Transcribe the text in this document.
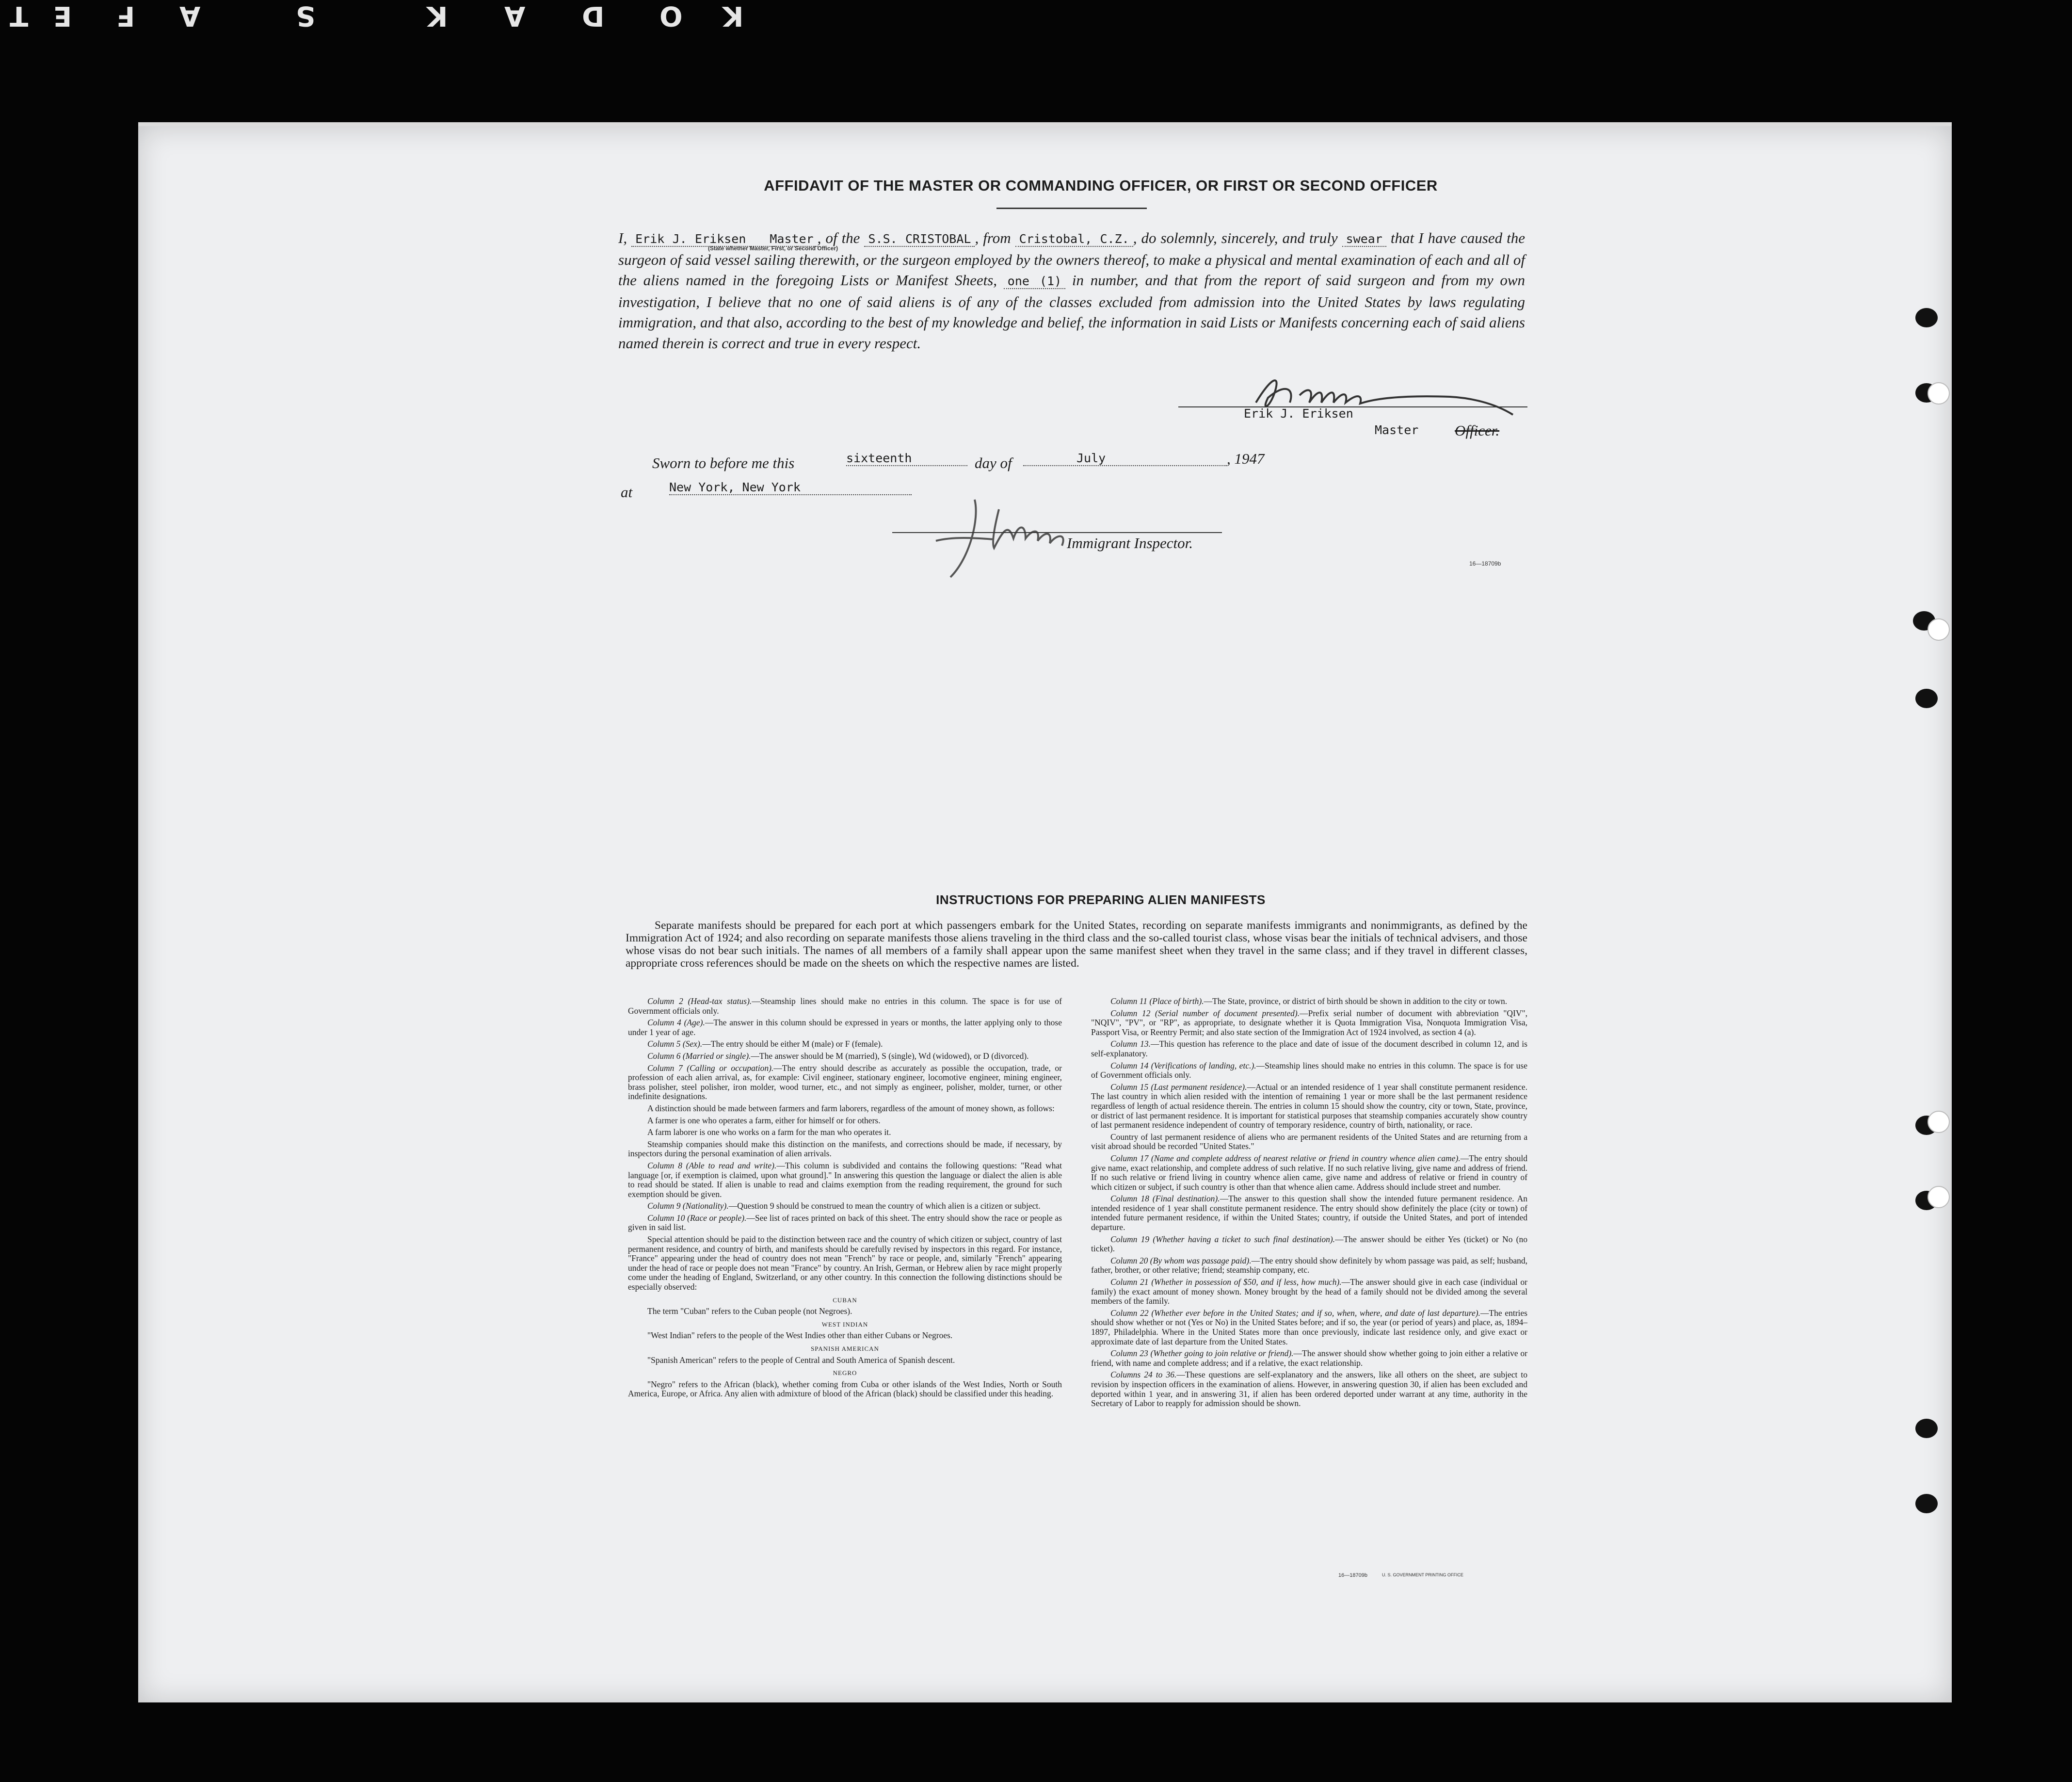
T E F A	S	K A D O K
AFFIDAVIT OF THE MASTER OR COMMANDING OFFICER, OR FIRST OR SECOND OFFICER
I, Erik J. Eriksen Master , of the S.S. CRISTOBAL , from Cristobal, C.Z. , do solemnly, sincerely, and truly swear that I have caused the surgeon of said vessel sailing therewith, or the surgeon employed by the owners thereof, to make a physical and mental examination of each and all of the aliens named in the foregoing Lists or Manifest Sheets, one (1) in number, and that from the report of said surgeon and from my own investigation, I believe that no one of said aliens is of any of the classes excluded from admission into the United States by laws regulating immigration, and that also, according to the best of my knowledge and belief, the information in said Lists or Manifests concerning each of said aliens named therein is correct and true in every respect.
(State whether Master, First, or Second Officer)
Erik J. Eriksen
Master Officer.
Sworn to before me this	sixteenth	day of	July	, 1947
at	New York, New York
Immigrant Inspector.
16—18709b
INSTRUCTIONS FOR PREPARING ALIEN MANIFESTS

Separate manifests should be prepared for each port at which passengers embark for the United States, recording on separate manifests immigrants and nonimmigrants, as defined by the Immigration Act of 1924; and also recording on separate manifests those aliens traveling in the third class and the so-called tourist class, whose visas bear the initials of technical advisers, and those whose visas do not bear such initials. The names of all members of a family shall appear upon the same manifest sheet when they travel in the same class; and if they travel in different classes, appropriate cross references should be made on the sheets on which the respective names are listed.

Column 2 (Head-tax status).—Steamship lines should make no entries in this column. The space is for use of Government officials only.

Column 4 (Age).—The answer in this column should be expressed in years or months, the latter applying only to those under 1 year of age.

Column 5 (Sex).—The entry should be either M (male) or F (female).

Column 6 (Married or single).—The answer should be M (married), S (single), Wd (widowed), or D (divorced).

Column 7 (Calling or occupation).—The entry should describe as accurately as possible the occupation, trade, or profession of each alien arrival, as, for example: Civil engineer, stationary engineer, locomotive engineer, mining engineer, brass polisher, steel polisher, iron molder, wood turner, etc., and not simply as engineer, polisher, molder, turner, or other indefinite designations.

A distinction should be made between farmers and farm laborers, regardless of the amount of money shown, as follows:

A farmer is one who operates a farm, either for himself or for others.

A farm laborer is one who works on a farm for the man who operates it.

Steamship companies should make this distinction on the manifests, and corrections should be made, if necessary, by inspectors during the personal examination of alien arrivals.

Column 8 (Able to read and write).—This column is subdivided and contains the following questions: "Read what language [or, if exemption is claimed, upon what ground]." In answering this question the language or dialect the alien is able to read should be stated. If alien is unable to read and claims exemption from the reading requirement, the ground for such exemption should be given.

Column 9 (Nationality).—Question 9 should be construed to mean the country of which alien is a citizen or subject.

Column 10 (Race or people).—See list of races printed on back of this sheet. The entry should show the race or people as given in said list.

Special attention should be paid to the distinction between race and the country of which citizen or subject, country of last permanent residence, and country of birth, and manifests should be carefully revised by inspectors in this regard. For instance, "France" appearing under the head of country does not mean "French" by race or people, and, similarly "French" appearing under the head of race or people does not mean "France" by country. An Irish, German, or Hebrew alien by race might properly come under the heading of England, Switzerland, or any other country. In this connection the following distinctions should be especially observed:

CUBAN

The term "Cuban" refers to the Cuban people (not Negroes).

WEST INDIAN

"West Indian" refers to the people of the West Indies other than either Cubans or Negroes.

SPANISH AMERICAN

"Spanish American" refers to the people of Central and South America of Spanish descent.

NEGRO

"Negro" refers to the African (black), whether coming from Cuba or other islands of the West Indies, North or South America, Europe, or Africa. Any alien with admixture of blood of the African (black) should be classified under this heading.

Column 11 (Place of birth).—The State, province, or district of birth should be shown in addition to the city or town.

Column 12 (Serial number of document presented).—Prefix serial number of document with abbreviation "QIV", "NQIV", "PV", or "RP", as appropriate, to designate whether it is Quota Immigration Visa, Nonquota Immigration Visa, Passport Visa, or Reentry Permit; and also state section of the Immigration Act of 1924 involved, as section 4 (a).

Column 13.—This question has reference to the place and date of issue of the document described in column 12, and is self-explanatory.

Column 14 (Verifications of landing, etc.).—Steamship lines should make no entries in this column. The space is for use of Government officials only.

Column 15 (Last permanent residence).—Actual or an intended residence of 1 year shall constitute permanent residence. The last country in which alien resided with the intention of remaining 1 year or more shall be the last permanent residence regardless of length of actual residence therein. The entries in column 15 should show the country, city or town, State, province, or district of last permanent residence. It is important for statistical purposes that steamship companies accurately show country of last permanent residence independent of country of temporary residence, country of birth, nationality, or race.

Country of last permanent residence of aliens who are permanent residents of the United States and are returning from a visit abroad should be recorded "United States."

Column 17 (Name and complete address of nearest relative or friend in country whence alien came).—The entry should give name, exact relationship, and complete address of such relative. If no such relative living, give name and address of friend. If no such relative or friend living in country whence alien came, give name and address of relative or friend in country of which citizen or subject, if such country is other than that whence alien came. Address should include street and number.

Column 18 (Final destination).—The answer to this question shall show the intended future permanent residence. An intended residence of 1 year shall constitute permanent residence. The entry should show definitely the place (city or town) of intended future permanent residence, if within the United States; country, if outside the United States, and port of intended departure.

Column 19 (Whether having a ticket to such final destination).—The answer should be either Yes (ticket) or No (no ticket).

Column 20 (By whom was passage paid).—The entry should show definitely by whom passage was paid, as self; husband, father, brother, or other relative; friend; steamship company, etc.

Column 21 (Whether in possession of $50, and if less, how much).—The answer should give in each case (individual or family) the exact amount of money shown. Money brought by the head of a family should not be divided among the several members of the family.

Column 22 (Whether ever before in the United States; and if so, when, where, and date of last departure).—The entries should show whether or not (Yes or No) in the United States before; and if so, the year (or period of years) and place, as, 1894–1897, Philadelphia. Where in the United States more than once previously, indicate last residence only, and give exact or approximate date of last departure from the United States.

Column 23 (Whether going to join relative or friend).—The answer should show whether going to join either a relative or friend, with name and complete address; and if a relative, the exact relationship.

Columns 24 to 36.—These questions are self-explanatory and the answers, like all others on the sheet, are subject to revision by inspection officers in the examination of aliens. However, in answering question 30, if alien has been excluded and deported within 1 year, and in answering 31, if alien has been ordered deported under warrant at any time, authority in the Secretary of Labor to reapply for admission should be shown.

16—18709b	U. S. GOVERNMENT PRINTING OFFICE
